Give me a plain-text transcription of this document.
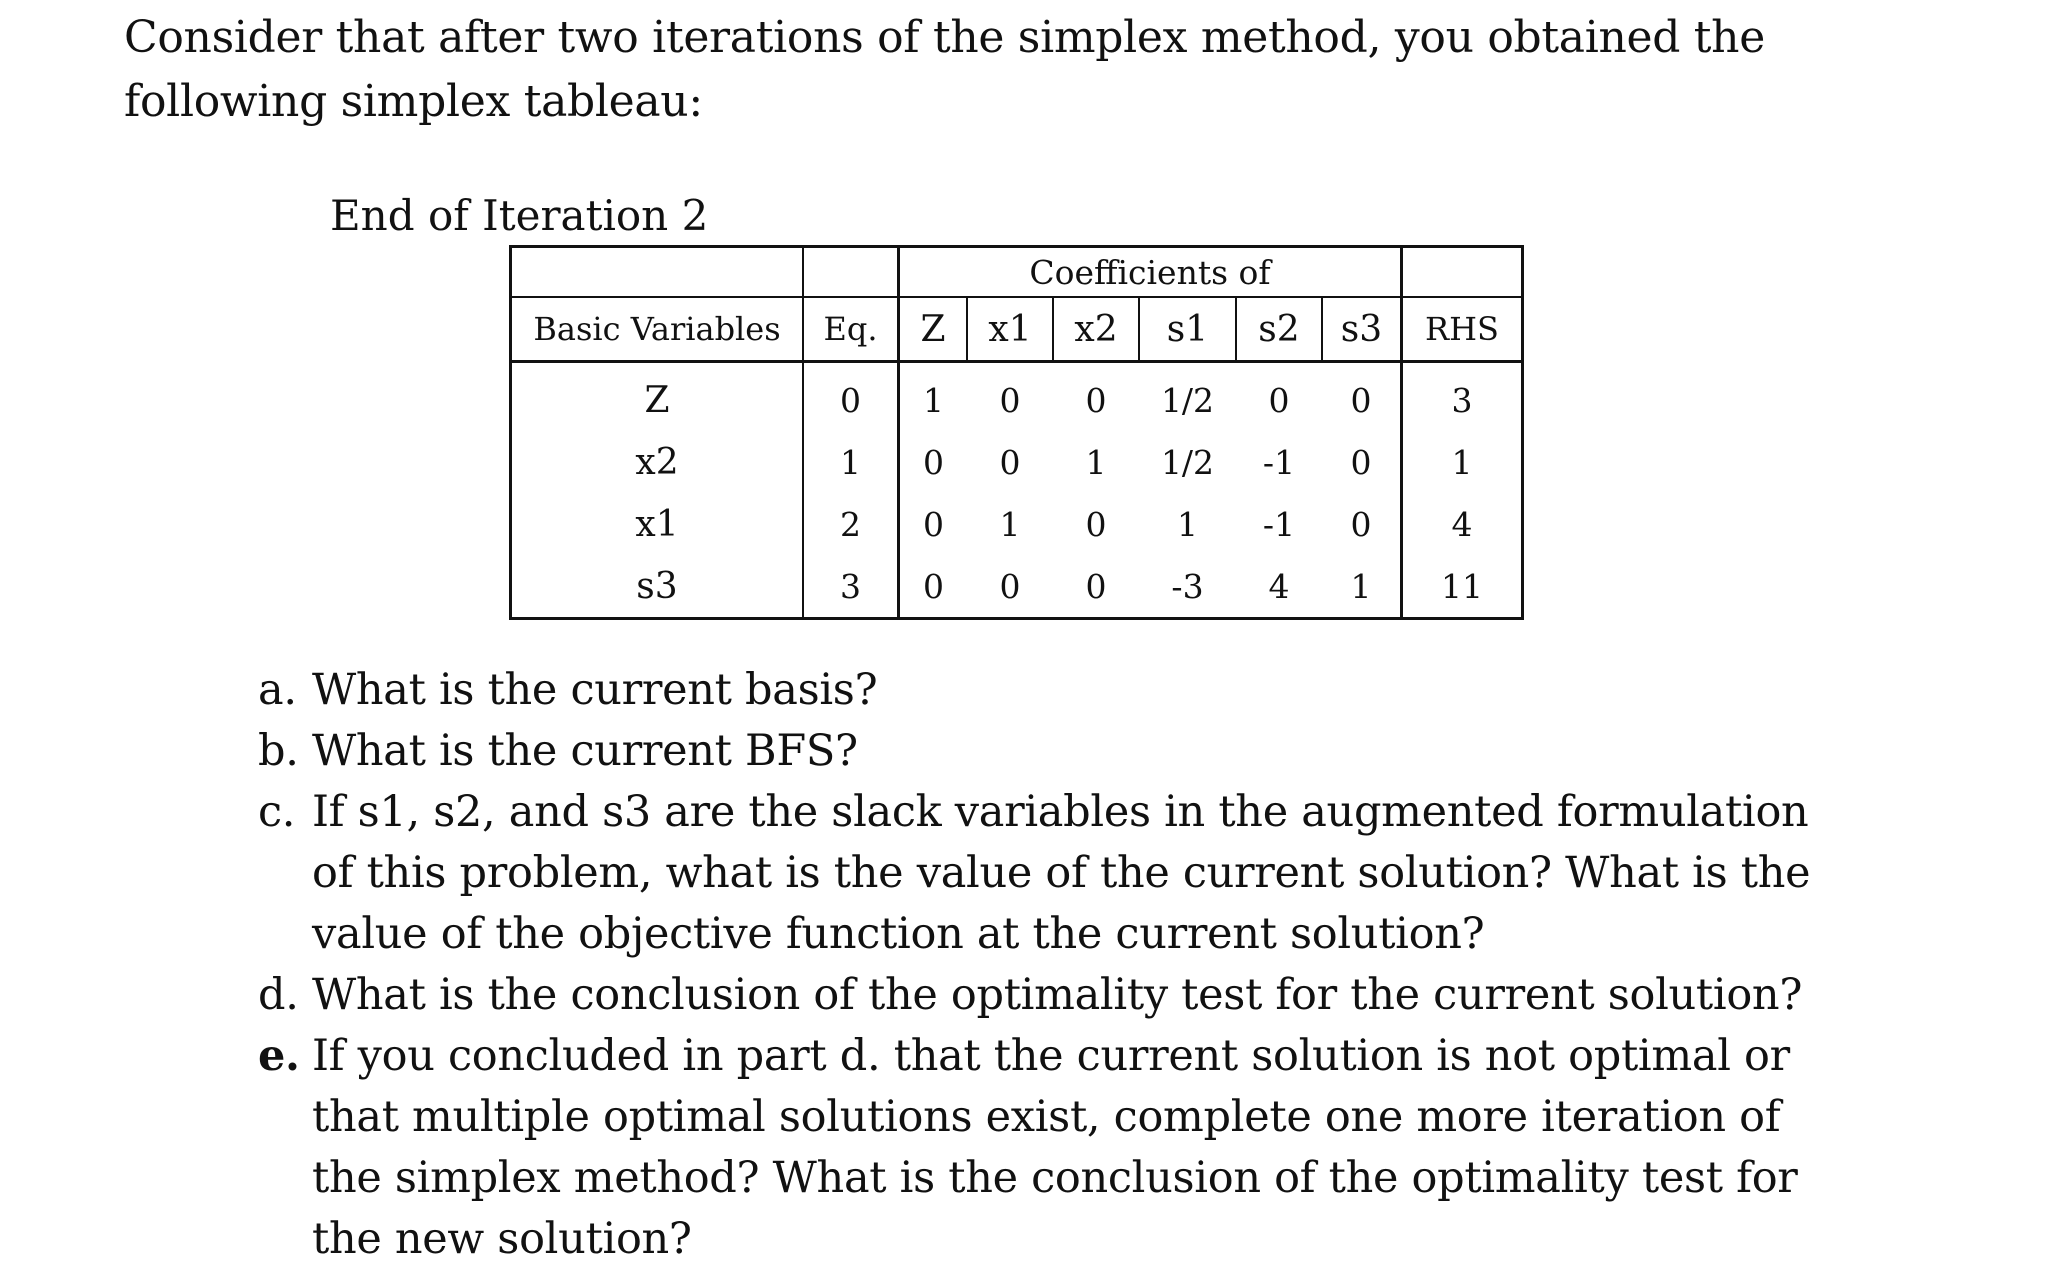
Consider that after two iterations of the simplex method, you obtained the following simplex tableau:

End of Iteration 2

		Coefficients of						
Basic Variables	Eq.	Z	x1	x2	s1	s2	s3	RHS
Z	0	1	0	0	1/2	0	0	3
x2	1	0	0	1	1/2	-1	0	1
x1	2	0	1	0	1	-1	0	4
s3	3	0	0	0	-3	4	1	11
a. What is the current basis?
b. What is the current BFS?
c. If s1, s2, and s3 are the slack variables in the augmented formulation of this problem, what is the value of the current solution? What is the value of the objective function at the current solution?
d. What is the conclusion of the optimality test for the current solution?
e. If you concluded in part d. that the current solution is not optimal or that multiple optimal solutions exist, complete one more iteration of the simplex method? What is the conclusion of the optimality test for the new solution?
